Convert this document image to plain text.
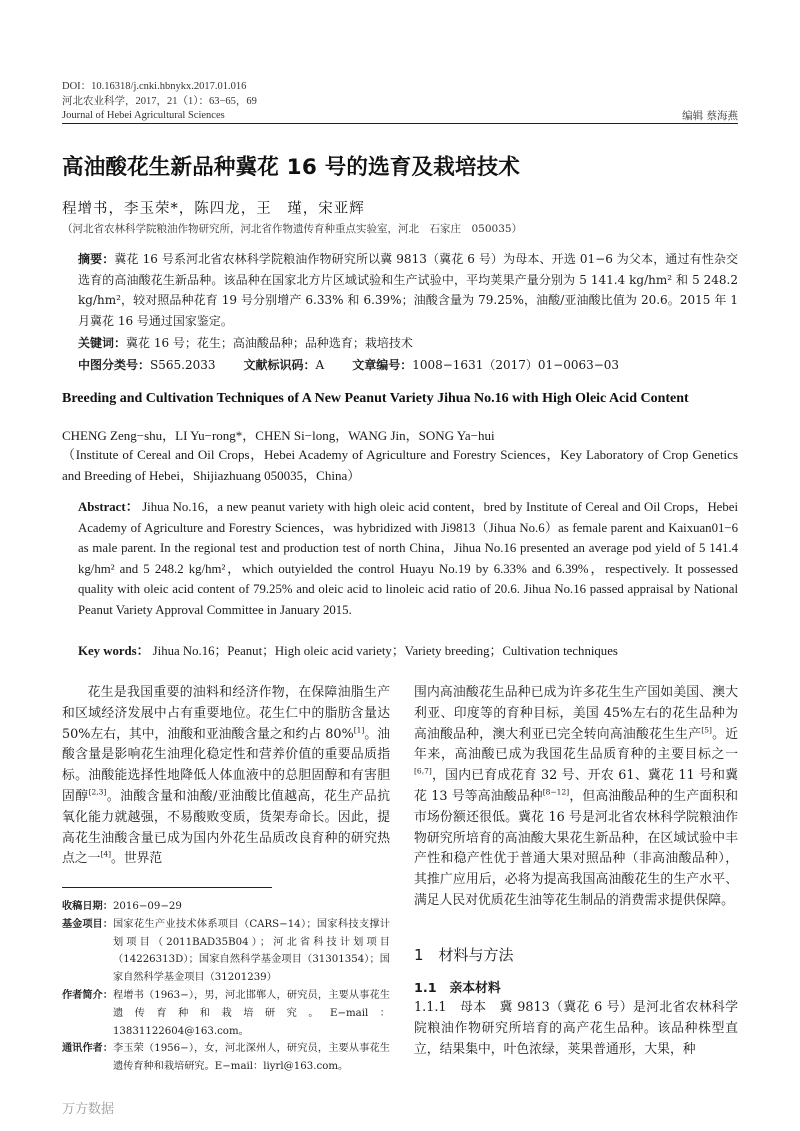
DOI：10.16318/j.cnki.hbnykx.2017.01.016
河北农业科学，2017，21（1）：63−65，69
Journal of Hebei Agricultural Sciences	编辑 蔡海燕
高油酸花生新品种冀花 16 号的选育及栽培技术
程增书，李玉荣*，陈四龙，王　瑾，宋亚辉
（河北省农林科学院粮油作物研究所，河北省作物遗传育种重点实验室，河北　石家庄　050035）
摘要：冀花 16 号系河北省农林科学院粮油作物研究所以冀 9813（冀花 6 号）为母本、开选 01−6 为父本，通过有性杂交选育的高油酸花生新品种。该品种在国家北方片区域试验和生产试验中，平均荚果产量分别为 5 141.4 kg/hm² 和 5 248.2 kg/hm²，较对照品种花育 19 号分别增产 6.33% 和 6.39%；油酸含量为 79.25%，油酸/亚油酸比值为 20.6。2015 年 1 月冀花 16 号通过国家鉴定。
关键词：冀花 16 号；花生；高油酸品种；品种选育；栽培技术
中图分类号：S565.2033 文献标识码：A 文章编号：1008−1631（2017）01−0063−03
Breeding and Cultivation Techniques of A New Peanut Variety Jihua No.16 with High Oleic Acid Content
CHENG Zeng−shu，LI Yu−rong*，CHEN Si−long，WANG Jin，SONG Ya−hui
（Institute of Cereal and Oil Crops，Hebei Academy of Agriculture and Forestry Sciences，Key Laboratory of Crop Genetics and Breeding of Hebei，Shijiazhuang 050035，China）
Abstract： Jihua No.16，a new peanut variety with high oleic acid content，bred by Institute of Cereal and Oil Crops，Hebei Academy of Agriculture and Forestry Sciences，was hybridized with Ji9813（Jihua No.6）as female parent and Kaixuan01−6 as male parent. In the regional test and production test of north China，Jihua No.16 presented an average pod yield of 5 141.4 kg/hm² and 5 248.2 kg/hm²，which outyielded the control Huayu No.19 by 6.33% and 6.39%，respectively. It possessed quality with oleic acid content of 79.25% and oleic acid to linoleic acid ratio of 20.6. Jihua No.16 passed appraisal by National Peanut Variety Approval Committee in January 2015.
Key words： Jihua No.16；Peanut；High oleic acid variety；Variety breeding；Cultivation techniques
花生是我国重要的油料和经济作物，在保障油脂生产和区域经济发展中占有重要地位。花生仁中的脂肪含量达 50%左右，其中，油酸和亚油酸含量之和约占 80%[1]。油酸含量是影响花生油理化稳定性和营养价值的重要品质指标。油酸能选择性地降低人体血液中的总胆固醇和有害胆固醇[2,3]。油酸含量和油酸/亚油酸比值越高，花生产品抗氧化能力就越强，不易酸败变质，货架寿命长。因此，提高花生油酸含量已成为国内外花生品质改良育种的研究热点之一[4]。世界范
收稿日期： 2016−09−29
基金项目： 国家花生产业技术体系项目（CARS−14）；国家科技支撑计划项目（2011BAD35B04）；河北省科技计划项目（14226313D）；国家自然科学基金项目（31301354）；国家自然科学基金项目（31201239）
作者简介： 程增书（1963−），男，河北邯郸人，研究员，主要从事花生遗传育种和栽培研究。E−mail：13831122604@163.com。
通讯作者： 李玉荣（1956−），女，河北深州人，研究员，主要从事花生遗传育种和栽培研究。E−mail：liyrl@163.com。
围内高油酸花生品种已成为许多花生生产国如美国、澳大利亚、印度等的育种目标，美国 45%左右的花生品种为高油酸品种，澳大利亚已完全转向高油酸花生生产[5]。近年来，高油酸已成为我国花生品质育种的主要目标之一[6,7]，国内已育成花育 32 号、开农 61、冀花 11 号和冀花 13 号等高油酸品种[8−12]，但高油酸品种的生产面积和市场份额还很低。冀花 16 号是河北省农林科学院粮油作物研究所培育的高油酸大果花生新品种，在区域试验中丰产性和稳产性优于普通大果对照品种（非高油酸品种），其推广应用后，必将为提高我国高油酸花生的生产水平、满足人民对优质花生油等花生制品的消费需求提供保障。
1　材料与方法
1.1　亲本材料
1.1.1　母本　冀 9813（冀花 6 号）是河北省农林科学院粮油作物研究所培育的高产花生品种。该品种株型直立，结果集中，叶色浓绿，荚果普通形，大果，种
万方数据
